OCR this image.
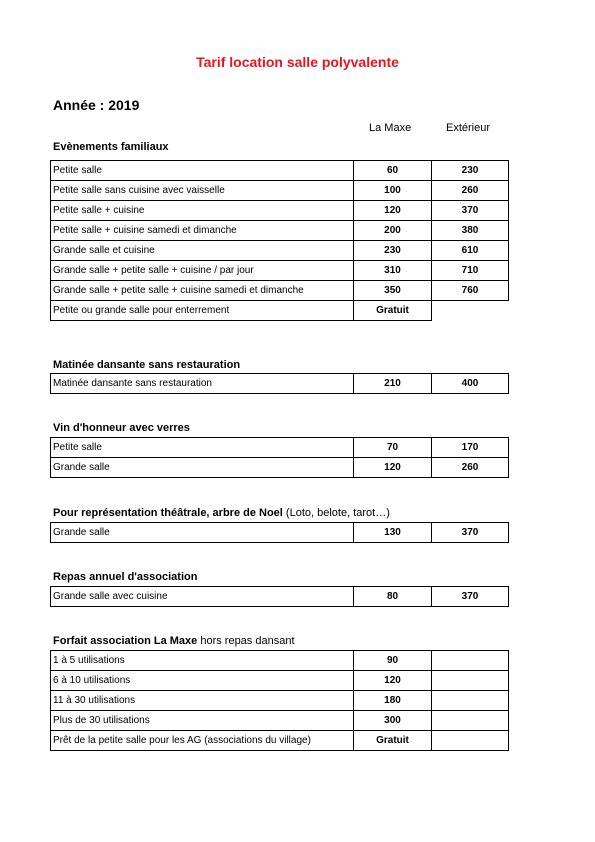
Tarif location salle polyvalente
Année : 2019
La Maxe	Extérieur
Evènements familiaux
Petite salle	60	230
Petite salle sans cuisine avec vaisselle	100	260
Petite salle + cuisine	120	370
Petite salle + cuisine samedi et dimanche	200	380
Grande salle et cuisine	230	610
Grande salle + petite salle + cuisine / par jour	310	710
Grande salle + petite salle + cuisine samedi et dimanche	350	760
Petite ou grande salle pour enterrement	Gratuit	
Matinée dansante sans restauration
Matinée dansante sans restauration	210	400
Vin d'honneur avec verres
Petite salle	70	170
Grande salle	120	260
Pour représentation théâtrale, arbre de Noel (Loto, belote, tarot…)
Grande salle	130	370
Repas annuel d'association
Grande salle avec cuisine	80	370
Forfait association La Maxe hors repas dansant
1 à 5 utilisations	90	
6 à 10 utilisations	120	
11 à 30 utilisations	180	
Plus de 30 utilisations	300	
Prêt de la petite salle pour les AG (associations du village)	Gratuit	
